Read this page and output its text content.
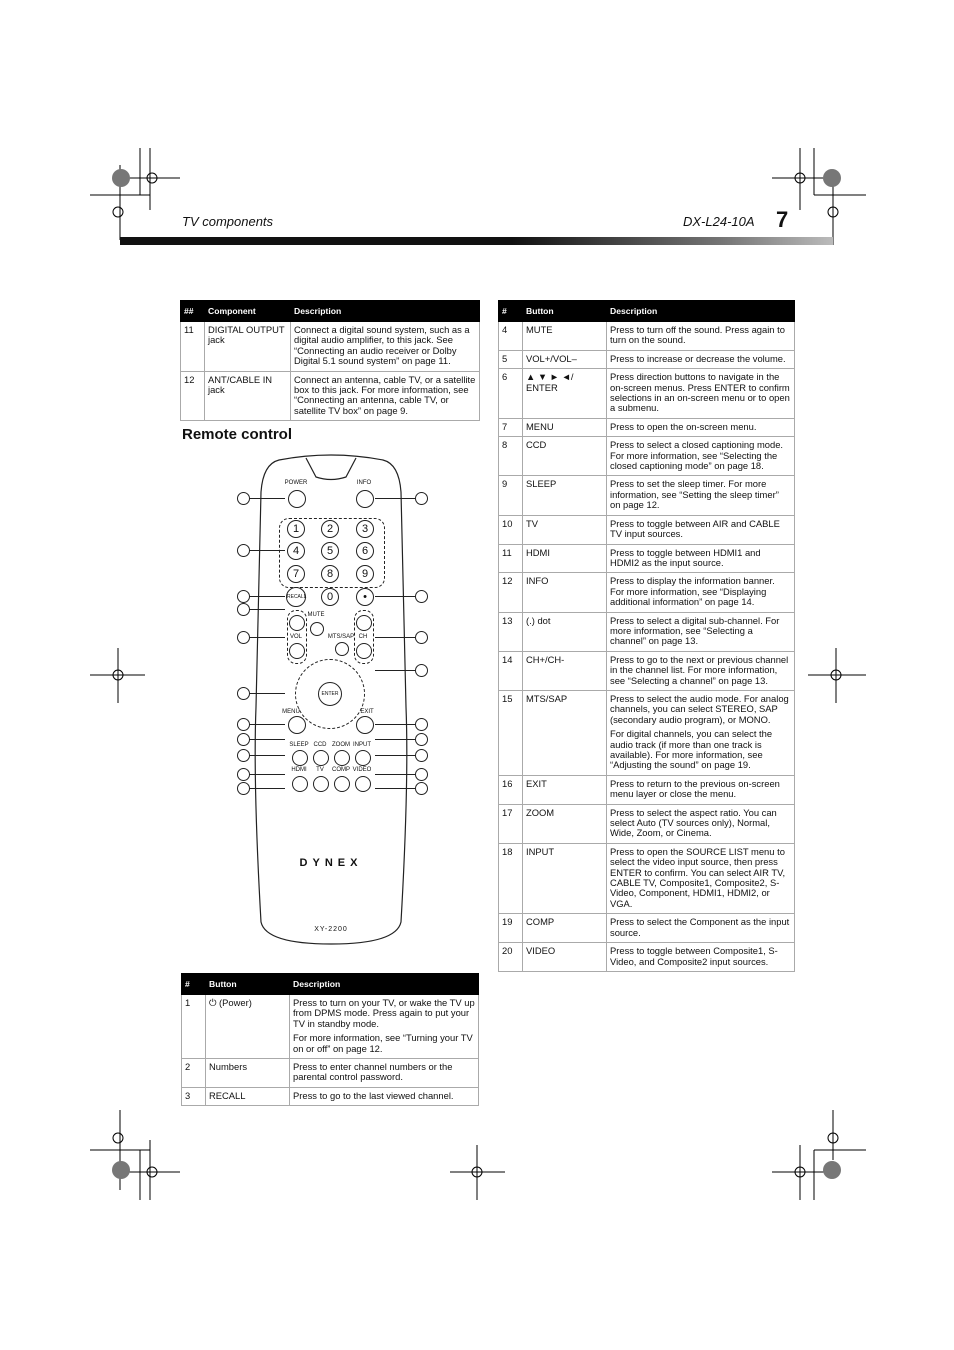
TV components	DX-L24-10A 7
##	Component	Description
11	DIGITAL OUTPUT jack	Connect a digital sound system, such as a digital audio amplifier, to this jack. See “Connecting an audio receiver or Dolby Digital 5.1 sound system” on page 11.

12	ANT/CABLE IN jack	Connect an antenna, cable TV, or a satellite box to this jack. For more information, see “Connecting an antenna, cable TV, or satellite TV box” on page 9.

Remote control
POWER	INFO
1	2	3
4	5	6
7	8	9
0	•
RECALL
MUTE
VOL	CH
MTS/SAP
ENTER
MENU	EXIT
SLEEP CCD ZOOM INPUT
HDMI	TV	COMP VIDEO
DYNEX
XY-2200
#	Button	Description
1	⏻ (Power)	Press to turn on your TV, or wake the TV up from DPMS mode. Press again to put your TV in standby mode.

For more information, see “Turning your TV on or off” on page 12.

2	Numbers	Press to enter channel numbers or the parental control password.

3	RECALL	Press to go to the last viewed channel.

#	Button	Description
4	MUTE	Press to turn off the sound. Press again to turn on the sound.

5	VOL+/VOL–	Press to increase or decrease the volume.

6	▲ ▼ ► ◄/ ENTER	Press direction buttons to navigate in the on-screen menus. Press ENTER to confirm selections in an on-screen menu or to open a submenu.

7	MENU	Press to open the on-screen menu.

8	CCD	Press to select a closed captioning mode. For more information, see “Selecting the closed captioning mode” on page 18.

9	SLEEP	Press to set the sleep timer. For more information, see “Setting the sleep timer” on page 12.

10	TV	Press to toggle between AIR and CABLE TV input sources.

11	HDMI	Press to toggle between HDMI1 and HDMI2 as the input source.

12	INFO	Press to display the information banner. For more information, see “Displaying additional information” on page 14.

13	(.) dot	Press to select a digital sub-channel. For more information, see “Selecting a channel” on page 13.

14	CH+/CH-	Press to go to the next or previous channel in the channel list. For more information, see “Selecting a channel” on page 13.

15	MTS/SAP	Press to select the audio mode. For analog channels, you can select STEREO, SAP (secondary audio program), or MONO.

For digital channels, you can select the audio track (if more than one track is available). For more information, see “Adjusting the sound” on page 19.

16	EXIT	Press to return to the previous on-screen menu layer or close the menu.

17	ZOOM	Press to select the aspect ratio. You can select Auto (TV sources only), Normal, Wide, Zoom, or Cinema.

18	INPUT	Press to open the SOURCE LIST menu to select the video input source, then press ENTER to confirm. You can select AIR TV, CABLE TV, Composite1, Composite2, S-Video, Component, HDMI1, HDMI2, or VGA.

19	COMP	Press to select the Component as the input source.

20	VIDEO	Press to toggle between Composite1, S-Video, and Composite2 input sources.
